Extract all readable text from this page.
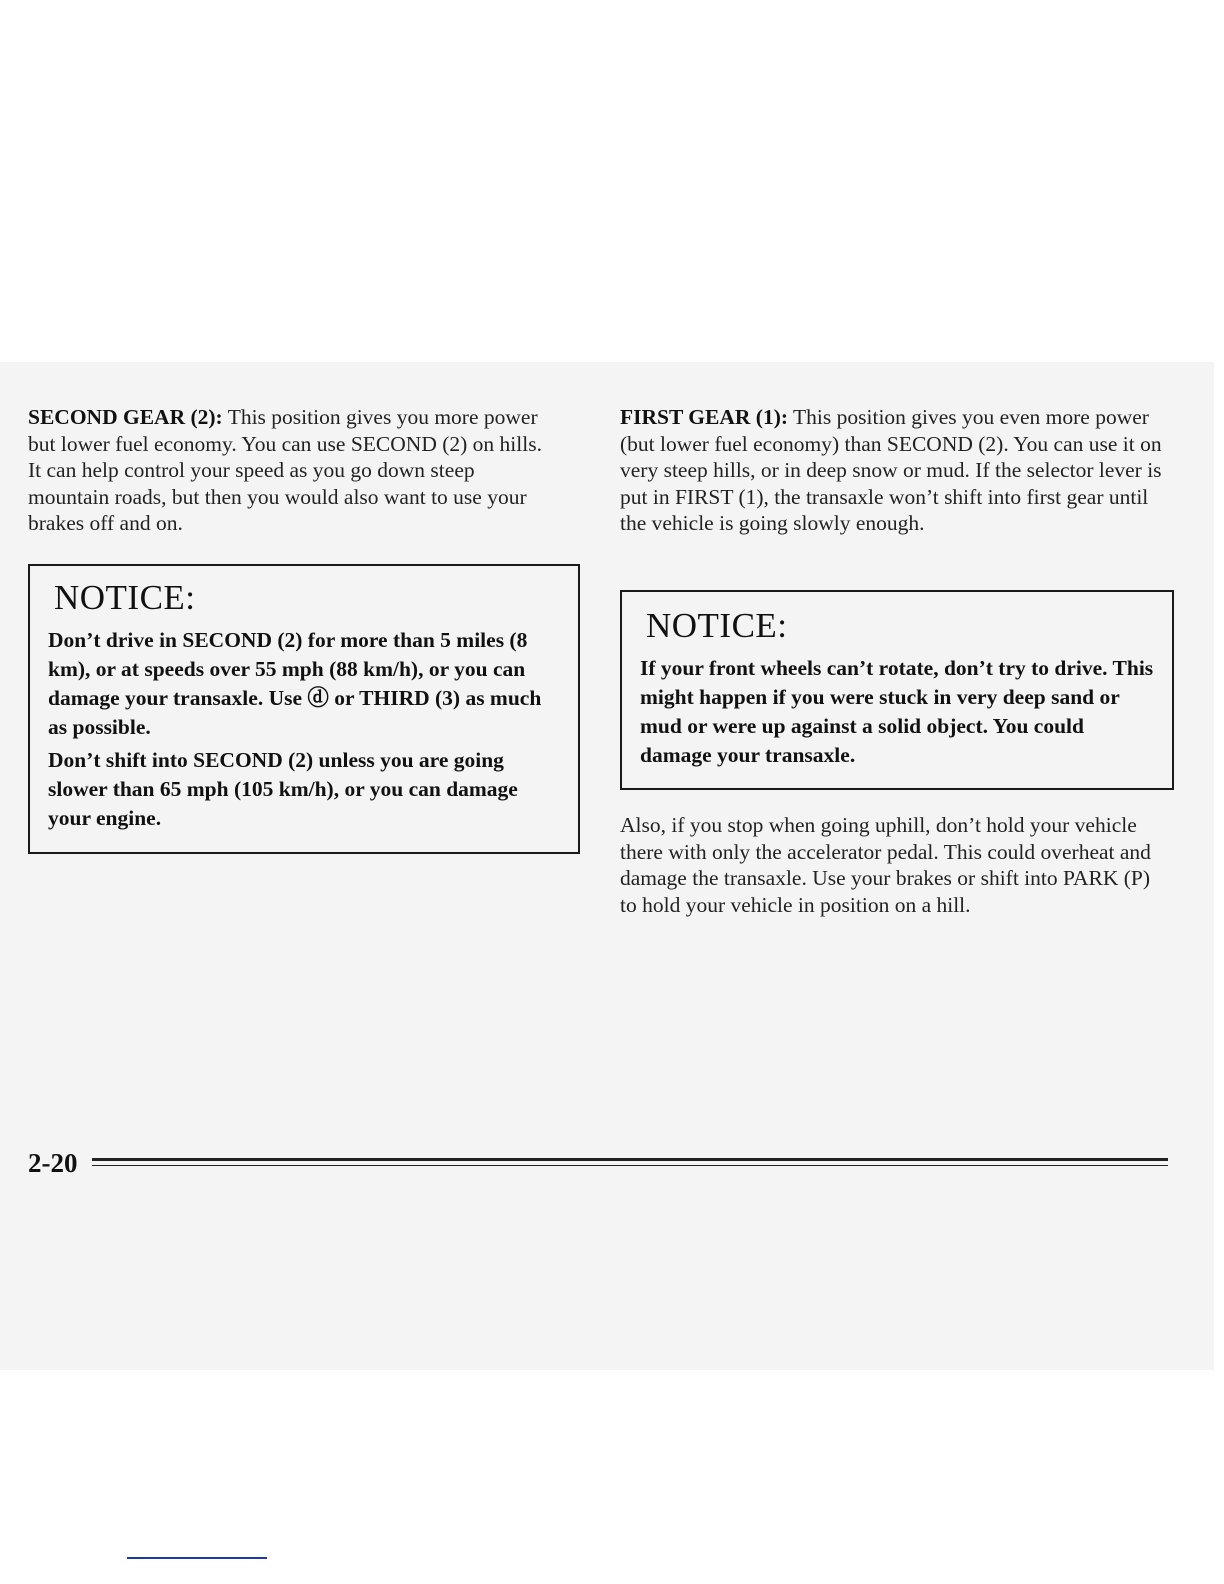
SECOND GEAR (2): This position gives you more power but lower fuel economy. You can use SECOND (2) on hills. It can help control your speed as you go down steep mountain roads, but then you would also want to use your brakes off and on.

NOTICE:

Don’t drive in SECOND (2) for more than 5 miles (8 km), or at speeds over 55 mph (88 km/h), or you can damage your transaxle. Use ⓓ or THIRD (3) as much as possible.

Don’t shift into SECOND (2) unless you are going slower than 65 mph (105 km/h), or you can damage your engine.

FIRST GEAR (1): This position gives you even more power (but lower fuel economy) than SECOND (2). You can use it on very steep hills, or in deep snow or mud. If the selector lever is put in FIRST (1), the transaxle won’t shift into first gear until the vehicle is going slowly enough.

NOTICE:

If your front wheels can’t rotate, don’t try to drive. This might happen if you were stuck in very deep sand or mud or were up against a solid object. You could damage your transaxle.

Also, if you stop when going uphill, don’t hold your vehicle there with only the accelerator pedal. This could overheat and damage the transaxle. Use your brakes or shift into PARK (P) to hold your vehicle in position on a hill.

2-20
